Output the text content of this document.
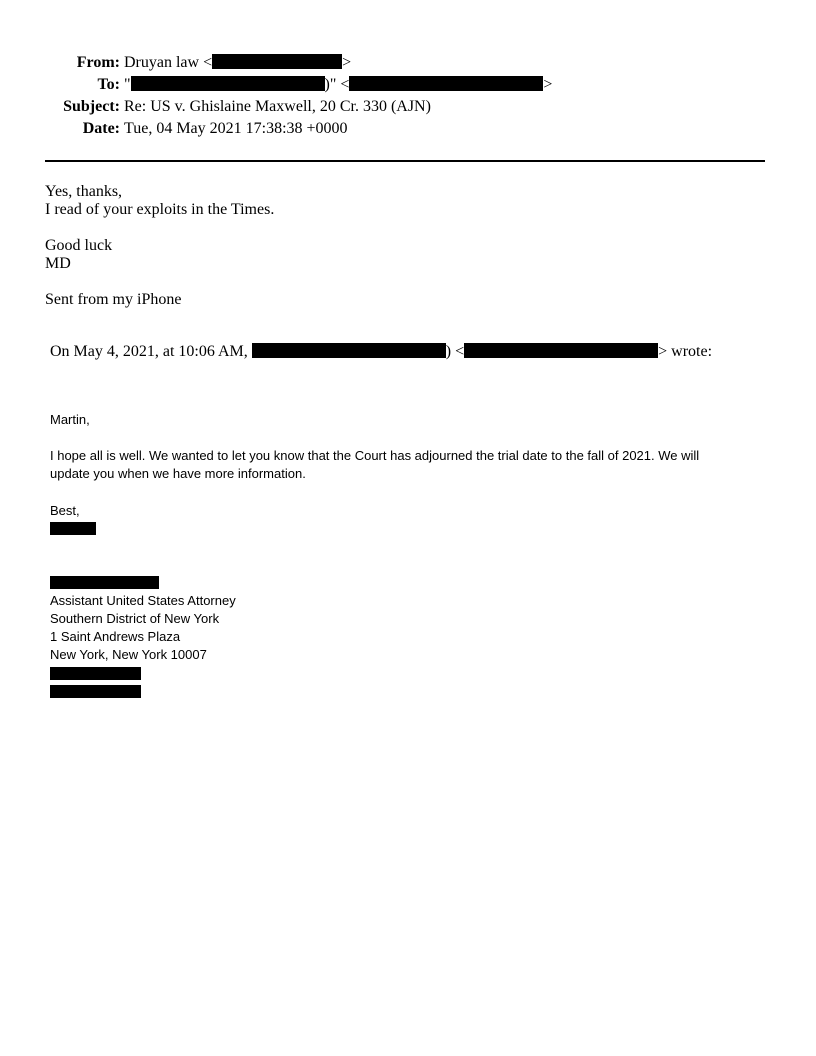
From: Druyan law <	>
To: "	)" <	>
Subject: Re: US v. Ghislaine Maxwell, 20 Cr. 330 (AJN)
Date: Tue, 04 May 2021 17:38:38 +0000
Yes, thanks,
I read of your exploits in the Times.
Good luck
MD
Sent from my iPhone
On May 4, 2021, at 10:06 AM,	) <	> wrote:
Martin,
I hope all is well. We wanted to let you know that the Court has adjourned the trial date to the fall of 2021. We will
update you when we have more information.
Best,
Assistant United States Attorney
Southern District of New York
1 Saint Andrews Plaza
New York, New York 10007
